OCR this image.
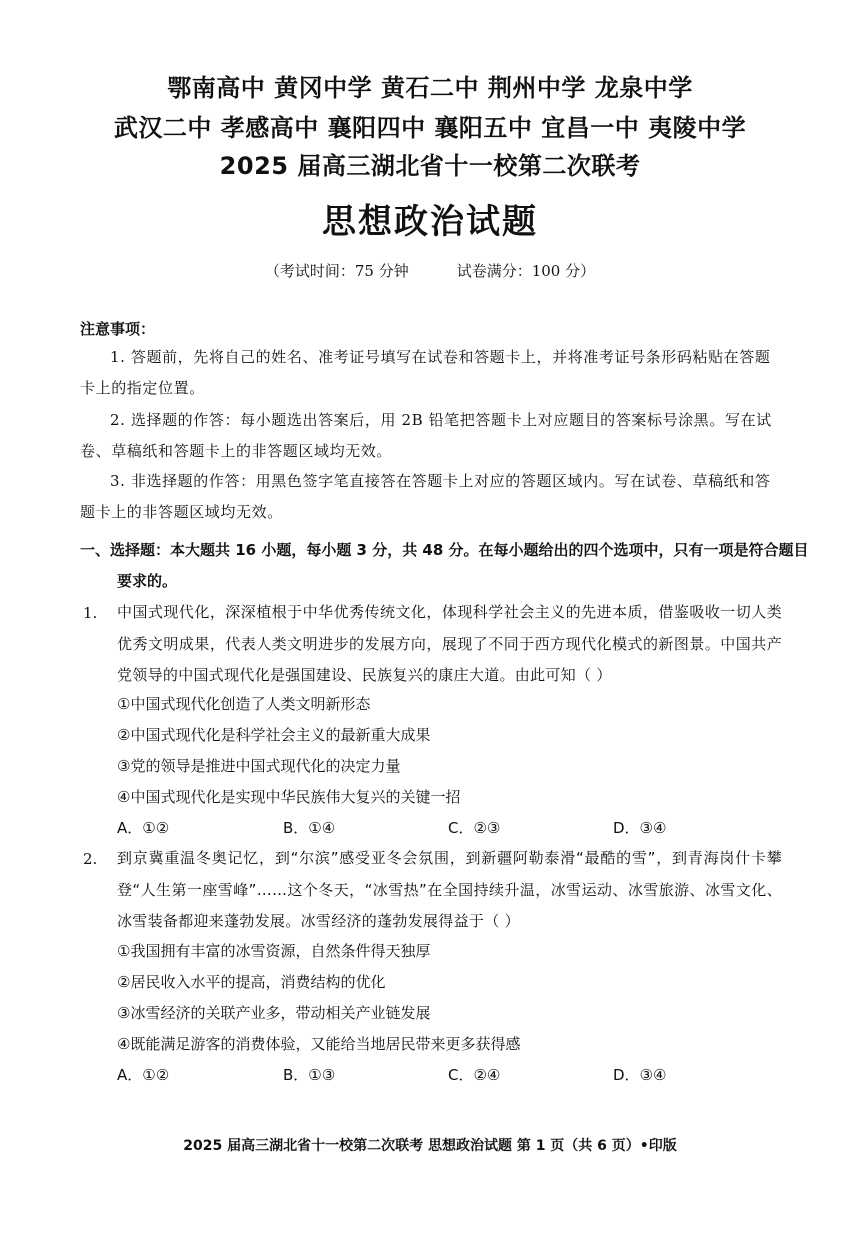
鄂南高中 黄冈中学 黄石二中 荆州中学 龙泉中学
武汉二中 孝感高中 襄阳四中 襄阳五中 宜昌一中 夷陵中学
2025 届高三湖北省十一校第二次联考
思想政治试题
（考试时间：75 分钟	试卷满分：100 分）
注意事项：
1. 答题前，先将自己的姓名、准考证号填写在试卷和答题卡上，并将准考证号条形码粘贴在答题卡上的指定位置。
2. 选择题的作答：每小题选出答案后，用 2B 铅笔把答题卡上对应题目的答案标号涂黑。写在试卷、草稿纸和答题卡上的非答题区域均无效。
3. 非选择题的作答：用黑色签字笔直接答在答题卡上对应的答题区域内。写在试卷、草稿纸和答题卡上的非答题区域均无效。
一、选择题：本大题共 16 小题，每小题 3 分，共 48 分。在每小题给出的四个选项中，只有一项是符合题目要求的。
1. 中国式现代化，深深植根于中华优秀传统文化，体现科学社会主义的先进本质，借鉴吸收一切人类优秀文明成果，代表人类文明进步的发展方向，展现了不同于西方现代化模式的新图景。中国共产党领导的中国式现代化是强国建设、民族复兴的康庄大道。由此可知（ ）
①中国式现代化创造了人类文明新形态
②中国式现代化是科学社会主义的最新重大成果
③党的领导是推进中国式现代化的决定力量
④中国式现代化是实现中华民族伟大复兴的关键一招
A．①②	B．①④	C．②③	D．③④
2. 到京冀重温冬奥记忆，到“尔滨”感受亚冬会氛围，到新疆阿勒泰滑“最酷的雪”，到青海岗什卡攀登“人生第一座雪峰”……这个冬天，“冰雪热”在全国持续升温，冰雪运动、冰雪旅游、冰雪文化、冰雪装备都迎来蓬勃发展。冰雪经济的蓬勃发展得益于（ ）
①我国拥有丰富的冰雪资源，自然条件得天独厚
②居民收入水平的提高，消费结构的优化
③冰雪经济的关联产业多，带动相关产业链发展
④既能满足游客的消费体验，又能给当地居民带来更多获得感
A．①②	B．①③	C．②④	D．③④
2025 届高三湖北省十一校第二次联考 思想政治试题 第 1 页（共 6 页）•印版
